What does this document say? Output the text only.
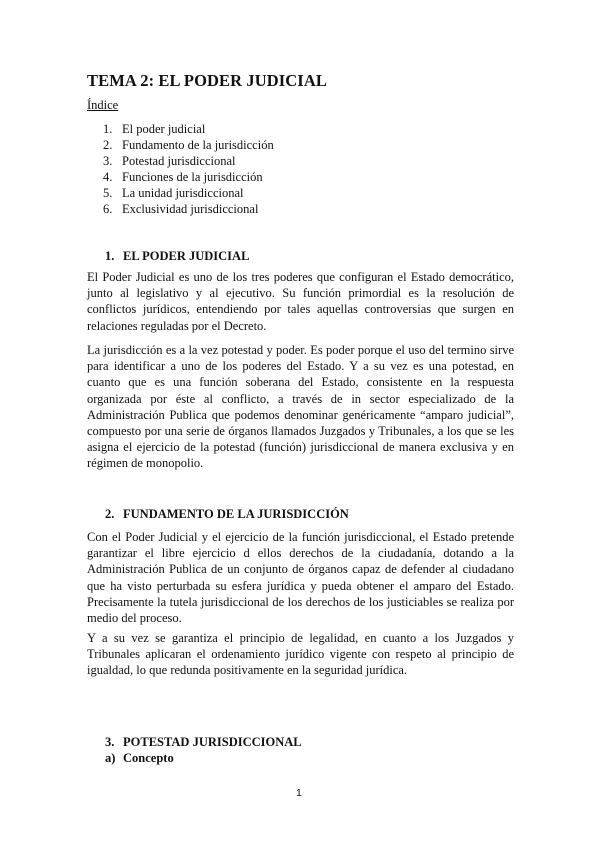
TEMA 2: EL PODER JUDICIAL
Índice
1. El poder judicial
2. Fundamento de la jurisdicción
3. Potestad jurisdiccional
4. Funciones de la jurisdicción
5. La unidad jurisdiccional
6. Exclusividad jurisdiccional
1. EL PODER JUDICIAL

El Poder Judicial es uno de los tres poderes que configuran el Estado democrático, junto al legislativo y al ejecutivo. Su función primordial es la resolución de conflictos jurídicos, entendiendo por tales aquellas controversias que surgen en relaciones reguladas por el Decreto.

La jurisdicción es a la vez potestad y poder. Es poder porque el uso del termino sirve para identificar a uno de los poderes del Estado. Y a su vez es una potestad, en cuanto que es una función soberana del Estado, consistente en la respuesta organizada por éste al conflicto, a través de in sector especializado de la Administración Publica que podemos denominar genéricamente “amparo judicial”, compuesto por una serie de órganos llamados Juzgados y Tribunales, a los que se les asigna el ejercicio de la potestad (función) jurisdiccional de manera exclusiva y en régimen de monopolio.

2. FUNDAMENTO DE LA JURISDICCIÓN

Con el Poder Judicial y el ejercicio de la función jurisdiccional, el Estado pretende garantizar el libre ejercicio d ellos derechos de la ciudadanía, dotando a la Administración Publica de un conjunto de órganos capaz de defender al ciudadano que ha visto perturbada su esfera jurídica y pueda obtener el amparo del Estado. Precisamente la tutela jurisdiccional de los derechos de los justiciables se realiza por medio del proceso.

Y a su vez se garantiza el principio de legalidad, en cuanto a los Juzgados y Tribunales aplicaran el ordenamiento jurídico vigente con respeto al principio de igualdad, lo que redunda positivamente en la seguridad jurídica.

3. POTESTAD JURISDICCIONAL
a) Concepto
1
